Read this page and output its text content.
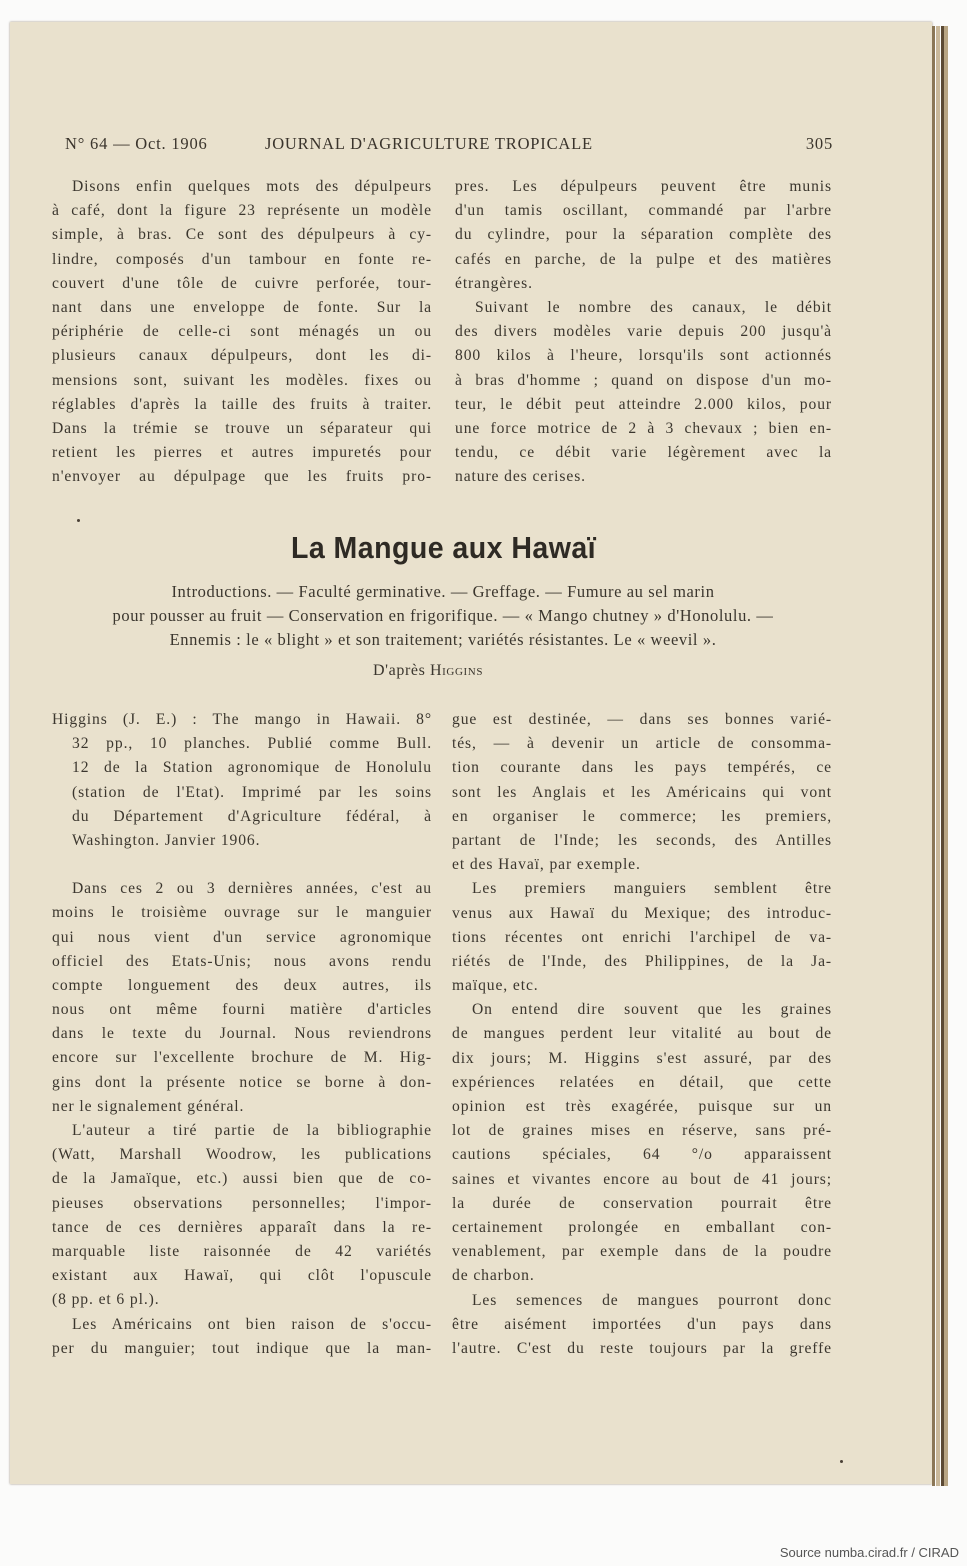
N° 64 — Oct. 1906	JOURNAL D'AGRICULTURE TROPICALE	305
Disons enfin quelques mots des dépulpeurs
à café, dont la figure 23 représente un modèle
simple, à bras. Ce sont des dépulpeurs à cy-
lindre, composés d'un tambour en fonte re-
couvert d'une tôle de cuivre perforée, tour-
nant dans une enveloppe de fonte. Sur la
périphérie de celle-ci sont ménagés un ou
plusieurs canaux dépulpeurs, dont les di-
mensions sont, suivant les modèles. fixes ou
réglables d'après la taille des fruits à traiter.
Dans la trémie se trouve un séparateur qui
retient les pierres et autres impuretés pour
n'envoyer au dépulpage que les fruits pro-
pres. Les dépulpeurs peuvent être munis
d'un tamis oscillant, commandé par l'arbre
du cylindre, pour la séparation complète des
cafés en parche, de la pulpe et des matières
étrangères.
Suivant le nombre des canaux, le débit
des divers modèles varie depuis 200 jusqu'à
800 kilos à l'heure, lorsqu'ils sont actionnés
à bras d'homme ; quand on dispose d'un mo-
teur, le débit peut atteindre 2.000 kilos, pour
une force motrice de 2 à 3 chevaux ; bien en-
tendu, ce débit varie légèrement avec la
nature des cerises.
La Mangue aux Hawaï
Introductions. — Faculté germinative. — Greffage. — Fumure au sel marin
pour pousser au fruit — Conservation en frigorifique. — « Mango chutney » d'Honolulu. —
Ennemis : le « blight » et son traitement; variétés résistantes. Le « weevil ».
D'après Higgins
Higgins (J. E.) : The mango in Hawaii. 8°
32 pp., 10 planches. Publié comme Bull.
12 de la Station agronomique de Honolulu
(station de l'Etat). Imprimé par les soins
du Département d'Agriculture fédéral, à
Washington. Janvier 1906.
Dans ces 2 ou 3 dernières années, c'est au
moins le troisième ouvrage sur le manguier
qui nous vient d'un service agronomique
officiel des Etats-Unis; nous avons rendu
compte longuement des deux autres, ils
nous ont même fourni matière d'articles
dans le texte du Journal. Nous reviendrons
encore sur l'excellente brochure de M. Hig-
gins dont la présente notice se borne à don-
ner le signalement général.
L'auteur a tiré partie de la bibliographie
(Watt, Marshall Woodrow, les publications
de la Jamaïque, etc.) aussi bien que de co-
pieuses observations personnelles; l'impor-
tance de ces dernières apparaît dans la re-
marquable liste raisonnée de 42 variétés
existant aux Hawaï, qui clôt l'opuscule
(8 pp. et 6 pl.).
Les Américains ont bien raison de s'occu-
per du manguier; tout indique que la man-
gue est destinée, — dans ses bonnes varié-
tés, — à devenir un article de consomma-
tion courante dans les pays tempérés, ce
sont les Anglais et les Américains qui vont
en organiser le commerce; les premiers,
partant de l'Inde; les seconds, des Antilles
et des Havaï, par exemple.
Les premiers manguiers semblent être
venus aux Hawaï du Mexique; des introduc-
tions récentes ont enrichi l'archipel de va-
riétés de l'Inde, des Philippines, de la Ja-
maïque, etc.
On entend dire souvent que les graines
de mangues perdent leur vitalité au bout de
dix jours; M. Higgins s'est assuré, par des
expériences relatées en détail, que cette
opinion est très exagérée, puisque sur un
lot de graines mises en réserve, sans pré-
cautions spéciales, 64 °/o apparaissent
saines et vivantes encore au bout de 41 jours;
la durée de conservation pourrait être
certainement prolongée en emballant con-
venablement, par exemple dans de la poudre
de charbon.
Les semences de mangues pourront donc
être aisément importées d'un pays dans
l'autre. C'est du reste toujours par la greffe
Source numba.cirad.fr / CIRAD
